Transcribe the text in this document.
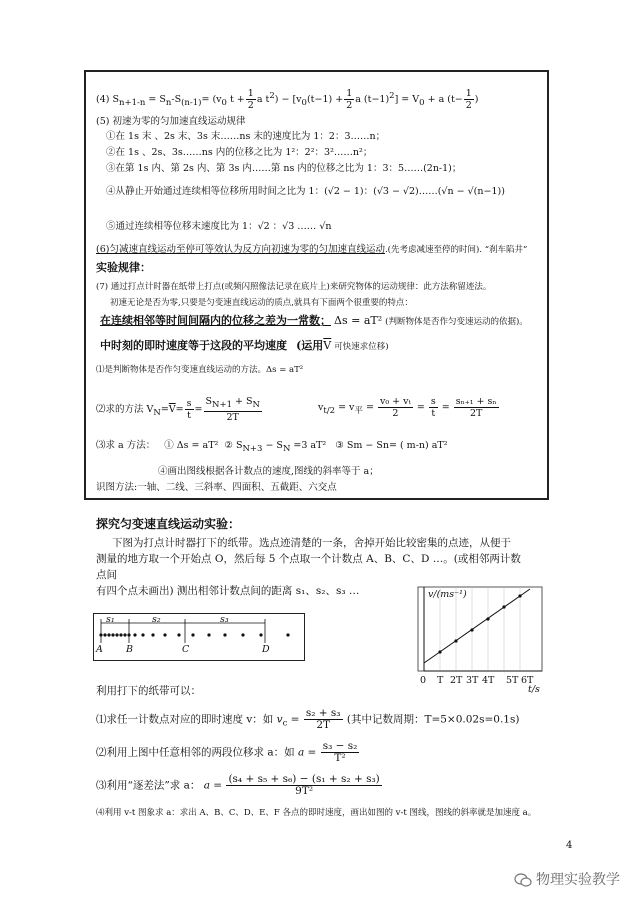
(4) $S_{n+1-n} = S_n-S_{(n-1)}= (v_0$ $t + \frac{1}{2}$ a $t^2) - [v_0(t-1) + \frac{1}{2}$ a $(t-1)^2] = V_0 + a$ ($t- \frac{1}{2}$ )
(5) 初速为零的匀加速直线运动规律
①在 1s 末 、2s 末、3s 末……ns 末的速度比为 1：2：3……n；
②在 1s 、2s、3s……ns 内的位移之比为 1²：2²：3²……n²；
③在第 1s 内、第 2s 内、第 3s 内……第 ns 内的位移之比为 1：3：5……(2n-1)；
④从静止开始通过连续相等位移所用时间之比为 1：(√2 − 1)：(√3 − √2)……(√n − √(n−1))
⑤通过连续相等位移末速度比为 1：√2 ：√3 …… √n
(6)匀减速直线运动至停可等效认为反方向初速为零的匀加速直线运动.(先考虑减速至停的时间). “刹车陷井”
实验规律：
(7) 通过打点计时器在纸带上打点(或频闪照像法记录在底片上)来研究物体的运动规律：此方法称留迹法。
初速无论是否为零,只要是匀变速直线运动的质点,就具有下面两个很重要的特点：
在连续相邻等时间间隔内的位移之差为一常数； Δs = aT² (判断物体是否作匀变速运动的依据)。
中时刻的即时速度等于这段的平均速度 (运用$\overline{V}$ 可快速求位移)
⑴是判断物体是否作匀变速直线运动的方法。Δs = aT²
⑵求的方法 $V_N=\overline{V}= \frac{s}{t} = \frac{S_{N+1} + S_N}{2T}$	$v_{t/2} = v_平 = \frac{\text{v₀ + vₜ}}{2} = \frac{s}{t} = \frac{\text{sₙ₊₁ + sₙ}}{2T}$
⑶求 a 方法： ① Δs = aT² ② $S_{N+3} - S_N =3$ aT² ③ Sm − Sn= ( m-n) aT²
④画出图线根据各计数点的速度,图线的斜率等于 a；
识图方法:一轴、二线、三斜率、四面积、五截距、六交点
探究匀变速直线运动实验：
下图为打点计时器打下的纸带。选点迹清楚的一条，舍掉开始比较密集的点迹，从便于
测量的地方取一个开始点 O，然后每 5 个点取一个计数点 A、B、C、D …。(或相邻两计数
点间
有四个点未画出) 测出相邻计数点间的距离 s₁、s₂、s₃ …
s₁	s₂	s₃
A B	C	D
v/(ms⁻¹)
0 T 2T 3T 4T 5T 6T
t/s
利用打下的纸带可以：
⑴求任一计数点对应的即时速度 v：如 $v_c = \frac{\text{s₂ + s₃}}{2T}$ (其中记数周期：T=5×0.02s=0.1s)
⑵利用上图中任意相邻的两段位移求 a：如 $a = \frac{\text{s₃ − s₂}}{\text{T²}}$
⑶利用“逐差法”求 a： $a = \frac{\text{(s₄ + s₅ + s₆) − (s₁ + s₂ + s₃)}}{\text{9T²}}$
⑷利用 v-t 图象求 a：求出 A、B、C、D、E、F 各点的即时速度，画出如图的 v-t 图线，图线的斜率就是加速度 a。
4
物理实验教学
